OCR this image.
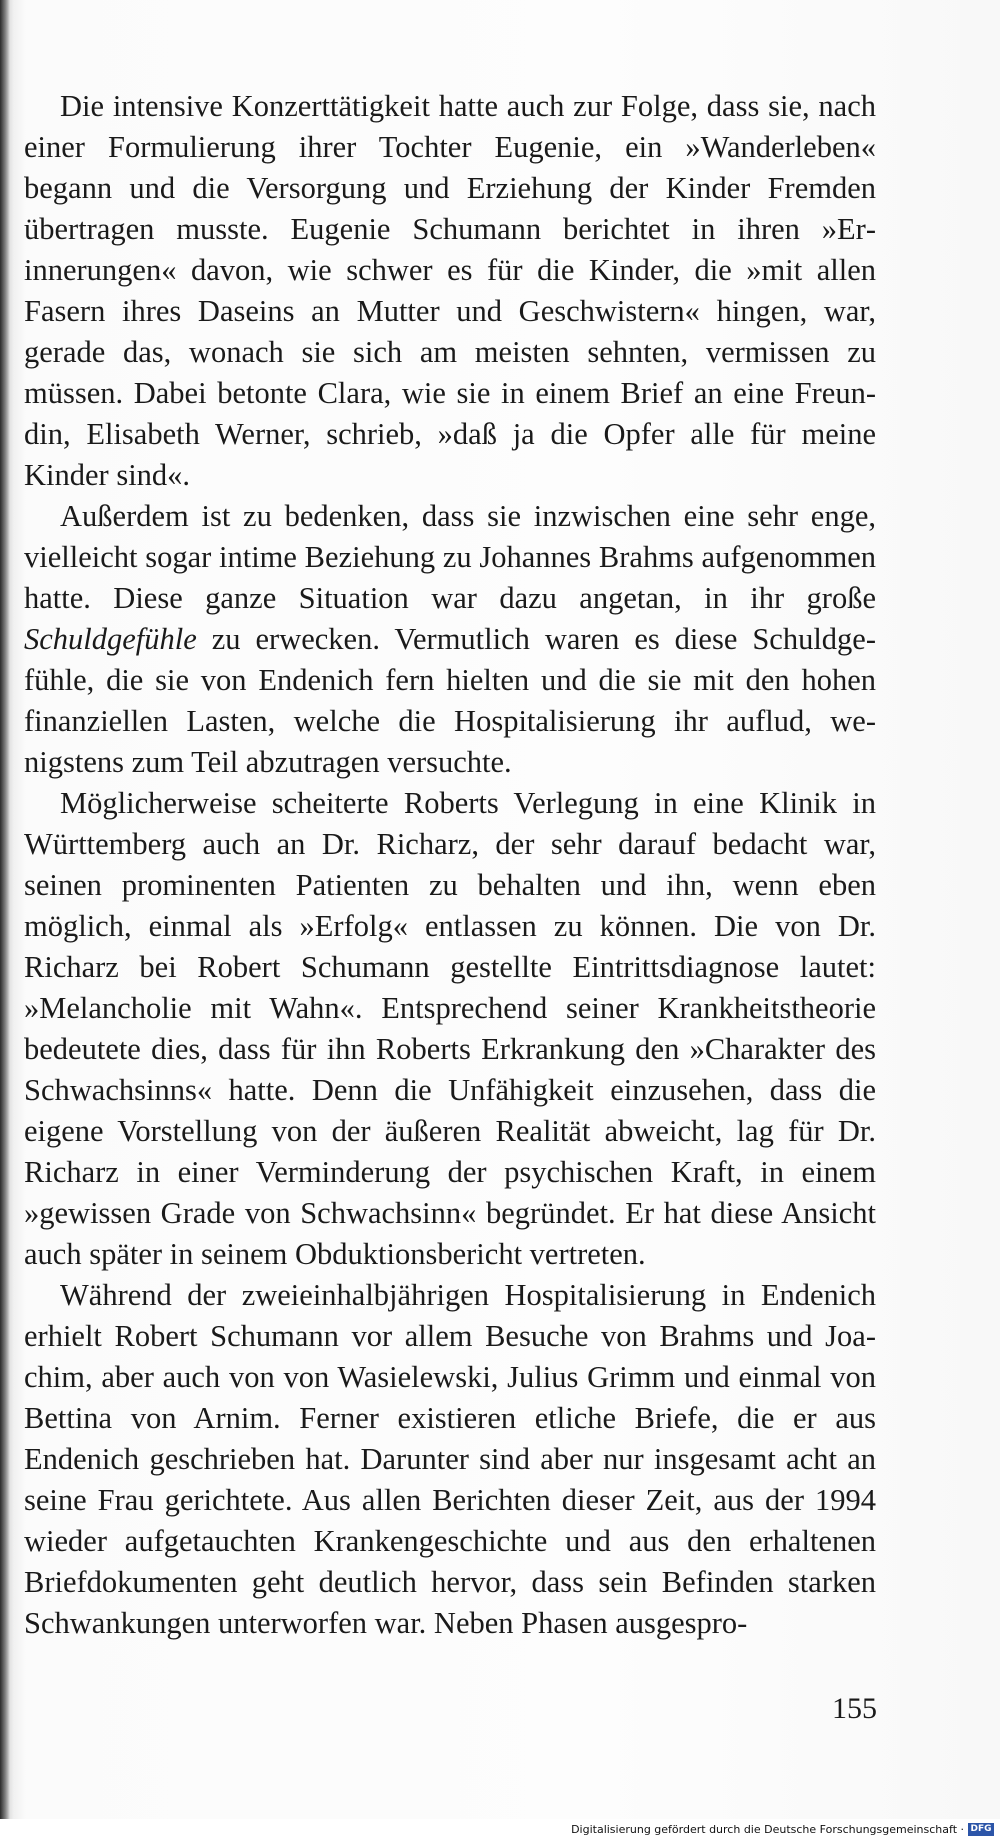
Die intensive Konzerttätigkeit hatte auch zur Folge, dass sie, nach einer Formulierung ihrer Tochter Eugenie, ein »Wanderleben« begann und die Versorgung und Erziehung der Kinder Fremden übertragen musste. Eugenie Schumann berichtet in ihren »Erinnerungen« davon, wie schwer es für die Kinder, die »mit allen Fasern ihres Daseins an Mutter und Geschwistern« hingen, war, gerade das, wonach sie sich am meisten sehnten, vermissen zu müssen. Dabei betonte Clara, wie sie in einem Brief an eine Freundin, Elisabeth Werner, schrieb, »daß ja die Opfer alle für meine Kinder sind«.

Außerdem ist zu bedenken, dass sie inzwischen eine sehr enge, vielleicht sogar intime Beziehung zu Johannes Brahms aufgenommen hatte. Diese ganze Situation war dazu angetan, in ihr große Schuldgefühle zu erwecken. Vermutlich waren es diese Schuldgefühle, die sie von Endenich fern hielten und die sie mit den hohen finanziellen Lasten, welche die Hospitalisierung ihr auflud, wenigstens zum Teil abzutragen versuchte.

Möglicherweise scheiterte Roberts Verlegung in eine Klinik in Württemberg auch an Dr. Richarz, der sehr darauf bedacht war, seinen prominenten Patienten zu behalten und ihn, wenn eben möglich, einmal als »Erfolg« entlassen zu können. Die von Dr. Richarz bei Robert Schumann gestellte Eintrittsdiagnose lautet: »Melancholie mit Wahn«. Entsprechend seiner Krankheitstheorie bedeutete dies, dass für ihn Roberts Erkrankung den »Charakter des Schwachsinns« hatte. Denn die Unfähigkeit einzusehen, dass die eigene Vorstellung von der äußeren Realität abweicht, lag für Dr. Richarz in einer Verminderung der psychischen Kraft, in einem »gewissen Grade von Schwachsinn« begründet. Er hat diese Ansicht auch später in seinem Obduktionsbericht vertreten.

Während der zweieinhalbjährigen Hospitalisierung in Endenich erhielt Robert Schumann vor allem Besuche von Brahms und Joachim, aber auch von von Wasielewski, Julius Grimm und einmal von Bettina von Arnim. Ferner existieren etliche Briefe, die er aus Endenich geschrieben hat. Darunter sind aber nur insgesamt acht an seine Frau gerichtete. Aus allen Berichten dieser Zeit, aus der 1994 wieder aufgetauchten Krankengeschichte und aus den erhaltenen Briefdokumenten geht deutlich hervor, dass sein Befinden starken Schwankungen unterworfen war. Neben Phasen ausgespro-

155
Digitalisierung gefördert durch die Deutsche Forschungsgemeinschaft · DFG
